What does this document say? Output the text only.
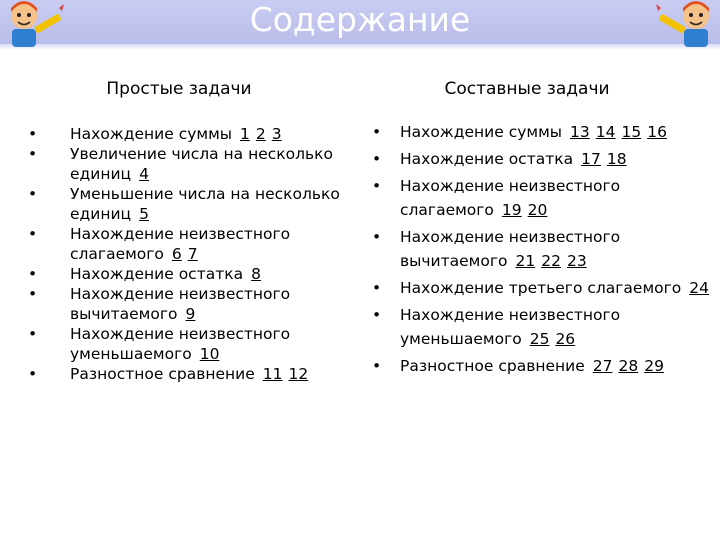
Содержание
Простые задачи	Составные задачи
• Нахождение суммы 1 2 3
• Увеличение числа на несколько единиц 4
• Уменьшение числа на несколько единиц 5
• Нахождение неизвестного слагаемого 6 7
• Нахождение остатка 8
• Нахождение неизвестного вычитаемого 9
• Нахождение неизвестного уменьшаемого 10
• Разностное сравнение 11 12
• Нахождение суммы 13 14 15 16
• Нахождение остатка 17 18
• Нахождение неизвестного слагаемого 19 20
• Нахождение неизвестного вычитаемого 21 22 23
• Нахождение третьего слагаемого 24
• Нахождение неизвестного уменьшаемого 25 26
• Разностное сравнение 27 28 29
